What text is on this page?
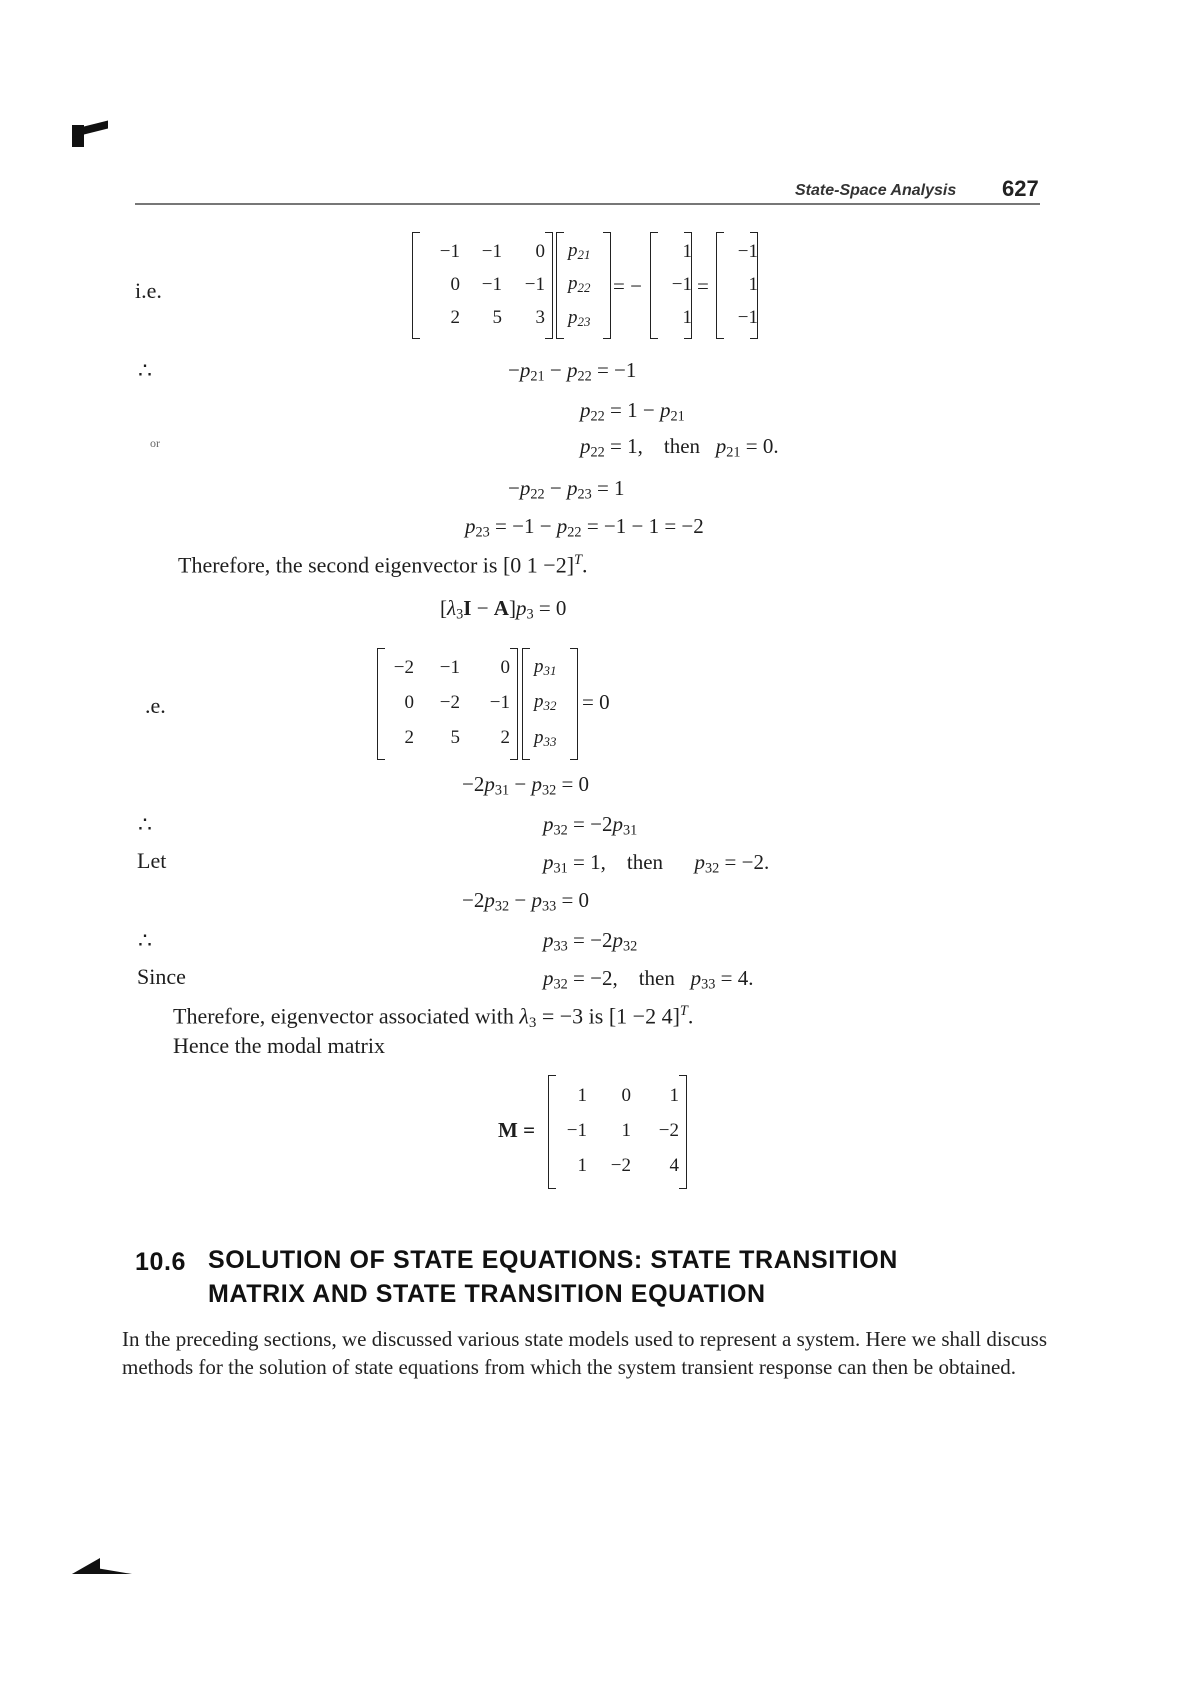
State-Space Analysis 627
i.e.
−1	−1	0
0	−1	−1
2	5	3
$p_{21}$
$p_{22}$
$p_{23}$
= −
1
−1
1
=
−1
1
−1
∴	$-p_{21} - p_{22} = -1$
$p_{22} = 1 - p_{21}$
or	$p_{22} = 1$,    then   $p_{21} = 0$.
$-p_{22} - p_{23} = 1$
$p_{23} = -1 - p_{22} = -1 - 1 = -2$
Therefore, the second eigenvector is [0 1 −2]$^T$.
$[\lambda_3I - A]p_3 = 0$
.e.
−2	−1	0
0	−2	−1
2	5	2
$p_{31}$
$p_{32}$
$p_{33}$
= 0
$-2p_{31} - p_{32} = 0$
∴	$p_{32} = -2p_{31}$
Let	$p_{31} = 1$,    then      $p_{32} = -2$.
$-2p_{32} - p_{33} = 0$
∴	$p_{33} = -2p_{32}$
Since	$p_{32} = -2$,    then   $p_{33} = 4$.
Therefore, eigenvector associated with $\lambda_3 = -3$ is [1 −2 4]$^T$.
Hence the modal matrix
M =
1	0	1
−1	1	−2
1	−2	4
10.6 SOLUTION OF STATE EQUATIONS: STATE TRANSITION
MATRIX AND STATE TRANSITION EQUATION
In the preceding sections, we discussed various state models used to represent a system. Here we shall discuss methods for the solution of state equations from which the system transient response can then be obtained.
